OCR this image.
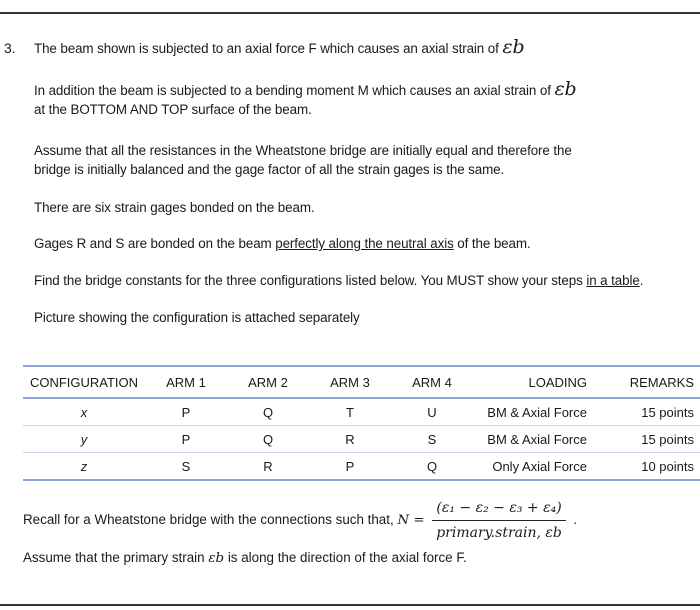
3. The beam shown is subjected to an axial force F which causes an axial strain of εb
In addition the beam is subjected to a bending moment M which causes an axial strain of εb
at the BOTTOM AND TOP surface of the beam.
Assume that all the resistances in the Wheatstone bridge are initially equal and therefore the
bridge is initially balanced and the gage factor of all the strain gages is the same.
There are six strain gages bonded on the beam.
Gages R and S are bonded on the beam perfectly along the neutral axis of the beam.
Find the bridge constants for the three configurations listed below. You MUST show your steps in a table.
Picture showing the configuration is attached separately
CONFIGURATION	ARM 1	ARM 2	ARM 3	ARM 4	LOADING	REMARKS
x	P	Q	T	U	BM & Axial Force	15 points
y	P	Q	R	S	BM & Axial Force	15 points
z	S	R	P	Q	Only Axial Force	10 points
Recall for a Wheatstone bridge with the connections such that, $N = \frac{\text{(ε₁ − ε₂ − ε₃ + ε₄)}}{\text{primary.strain, εb}}$ .
Assume that the primary strain εb is along the direction of the axial force F.
